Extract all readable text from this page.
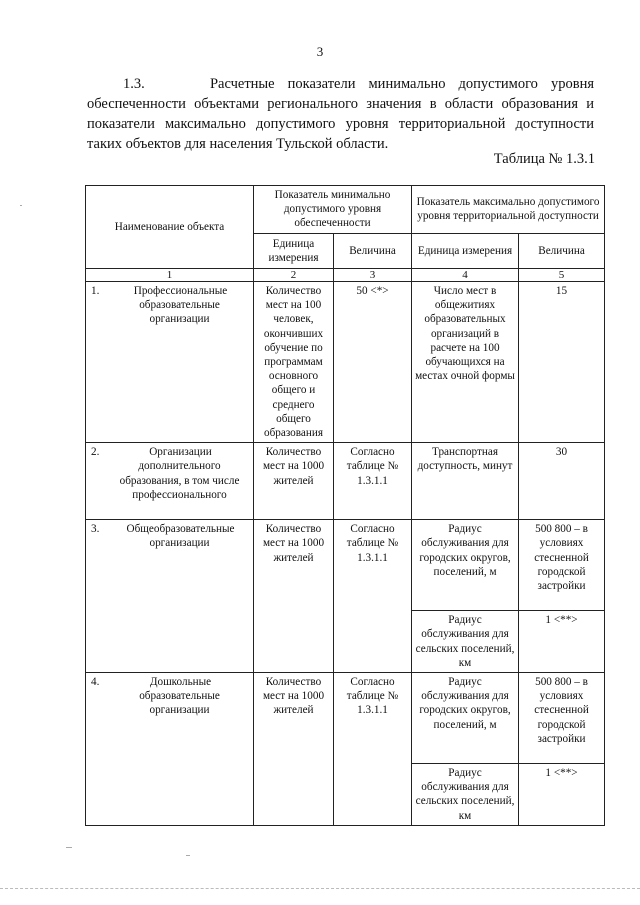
3
1.3.	Расчетные показатели минимально допустимого уровня обеспеченности объектами регионального значения в области образования и показатели максимально допустимого уровня территориальной доступности таких объектов для населения Тульской области.
Таблица № 1.3.1
Наименование объекта	Показатель минимально допустимого уровня обеспеченности		Показатель максимально допустимого уровня территориальной доступности	
	Единица измерения	Величина	Единица измерения	Величина
1	2	3	4	5

1. Профессиональные образовательные организации	Количество мест на 100 человек, окончивших обучение по программам основного общего и среднего общего образования	50 <*>	Число мест в общежитиях образовательных организаций в расчете на 100 обучающихся на местах очной формы	15

2. Организации дополнительного образования, в том числе профессионального	Количество мест на 1000 жителей	Согласно таблице № 1.3.1.1	Транспортная доступность, минут	30

3. Общеобразовательные организации	Количество мест на 1000 жителей	Согласно таблице № 1.3.1.1	Радиус обслуживания для городских округов, поселений, м	500 800 – в условиях стесненной городской застройки
			Радиус обслуживания для сельских поселений, км	1 <**>

4. Дошкольные образовательные организации	Количество мест на 1000 жителей	Согласно таблице № 1.3.1.1	Радиус обслуживания для городских округов, поселений, м	500 800 – в условиях стесненной городской застройки
			Радиус обслуживания для сельских поселений, км	1 <**>
